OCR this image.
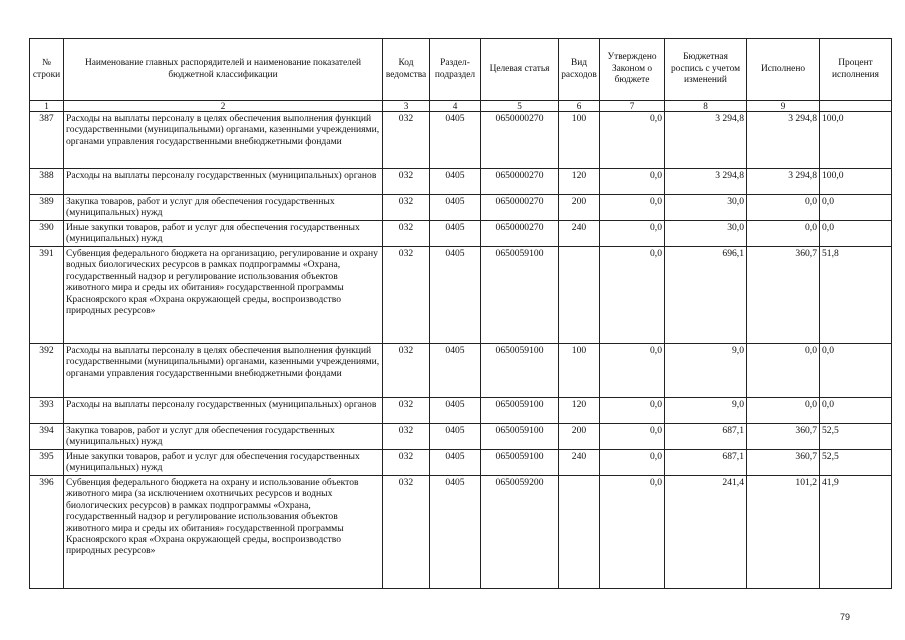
№ строки	Наименование главных распорядителей и наименование показателей бюджетной классификации	Код ведомства	Раздел-подраздел	Целевая статья	Вид расходов	Утверждено Законом о бюджете	Бюджетная роспись с учетом изменений	Исполнено	Процент исполнения
1	2	3	4	5	6	7	8	9	
387	Расходы на выплаты персоналу в целях обеспечения выполнения функций государственными (муниципальными) органами, казенными учреждениями, органами управления государственными внебюджетными фондами	032	0405	0650000270	100	0,0	3 294,8	3 294,8	100,0
388	Расходы на выплаты персоналу государственных (муниципальных) органов	032	0405	0650000270	120	0,0	3 294,8	3 294,8	100,0
389	Закупка товаров, работ и услуг для обеспечения государственных (муниципальных) нужд	032	0405	0650000270	200	0,0	30,0	0,0	0,0
390	Иные закупки товаров, работ и услуг для обеспечения государственных (муниципальных) нужд	032	0405	0650000270	240	0,0	30,0	0,0	0,0
391	Субвенция федерального бюджета на организацию, регулирование и охрану водных биологических ресурсов в рамках подпрограммы «Охрана, государственный надзор и регулирование использования объектов животного мира и среды их обитания» государственной программы Красноярского края «Охрана окружающей среды, воспроизводство природных ресурсов»	032	0405	0650059100		0,0	696,1	360,7	51,8
392	Расходы на выплаты персоналу в целях обеспечения выполнения функций государственными (муниципальными) органами, казенными учреждениями, органами управления государственными внебюджетными фондами	032	0405	0650059100	100	0,0	9,0	0,0	0,0
393	Расходы на выплаты персоналу государственных (муниципальных) органов	032	0405	0650059100	120	0,0	9,0	0,0	0,0
394	Закупка товаров, работ и услуг для обеспечения государственных (муниципальных) нужд	032	0405	0650059100	200	0,0	687,1	360,7	52,5
395	Иные закупки товаров, работ и услуг для обеспечения государственных (муниципальных) нужд	032	0405	0650059100	240	0,0	687,1	360,7	52,5
396	Субвенция федерального бюджета на охрану и использование объектов животного мира (за исключением охотничьих ресурсов и водных биологических ресурсов) в рамках подпрограммы «Охрана, государственный надзор и регулирование использования объектов животного мира и среды их обитания» государственной программы Красноярского края «Охрана окружающей среды, воспроизводство природных ресурсов»	032	0405	0650059200		0,0	241,4	101,2	41,9
79
